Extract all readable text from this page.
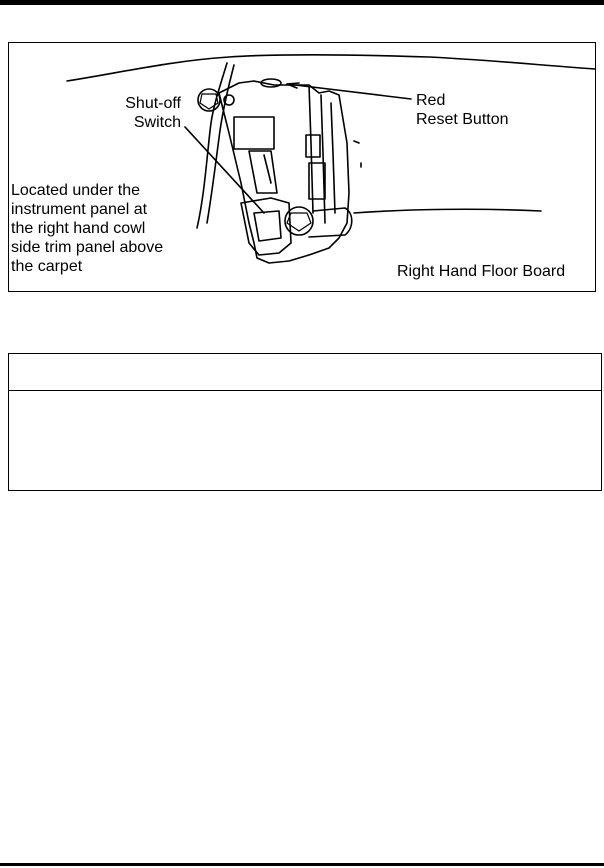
Shut-off
Switch
Red
Reset Button
Located under the
instrument panel at
the right hand cowl
side trim panel above
the carpet	Right Hand Floor Board
